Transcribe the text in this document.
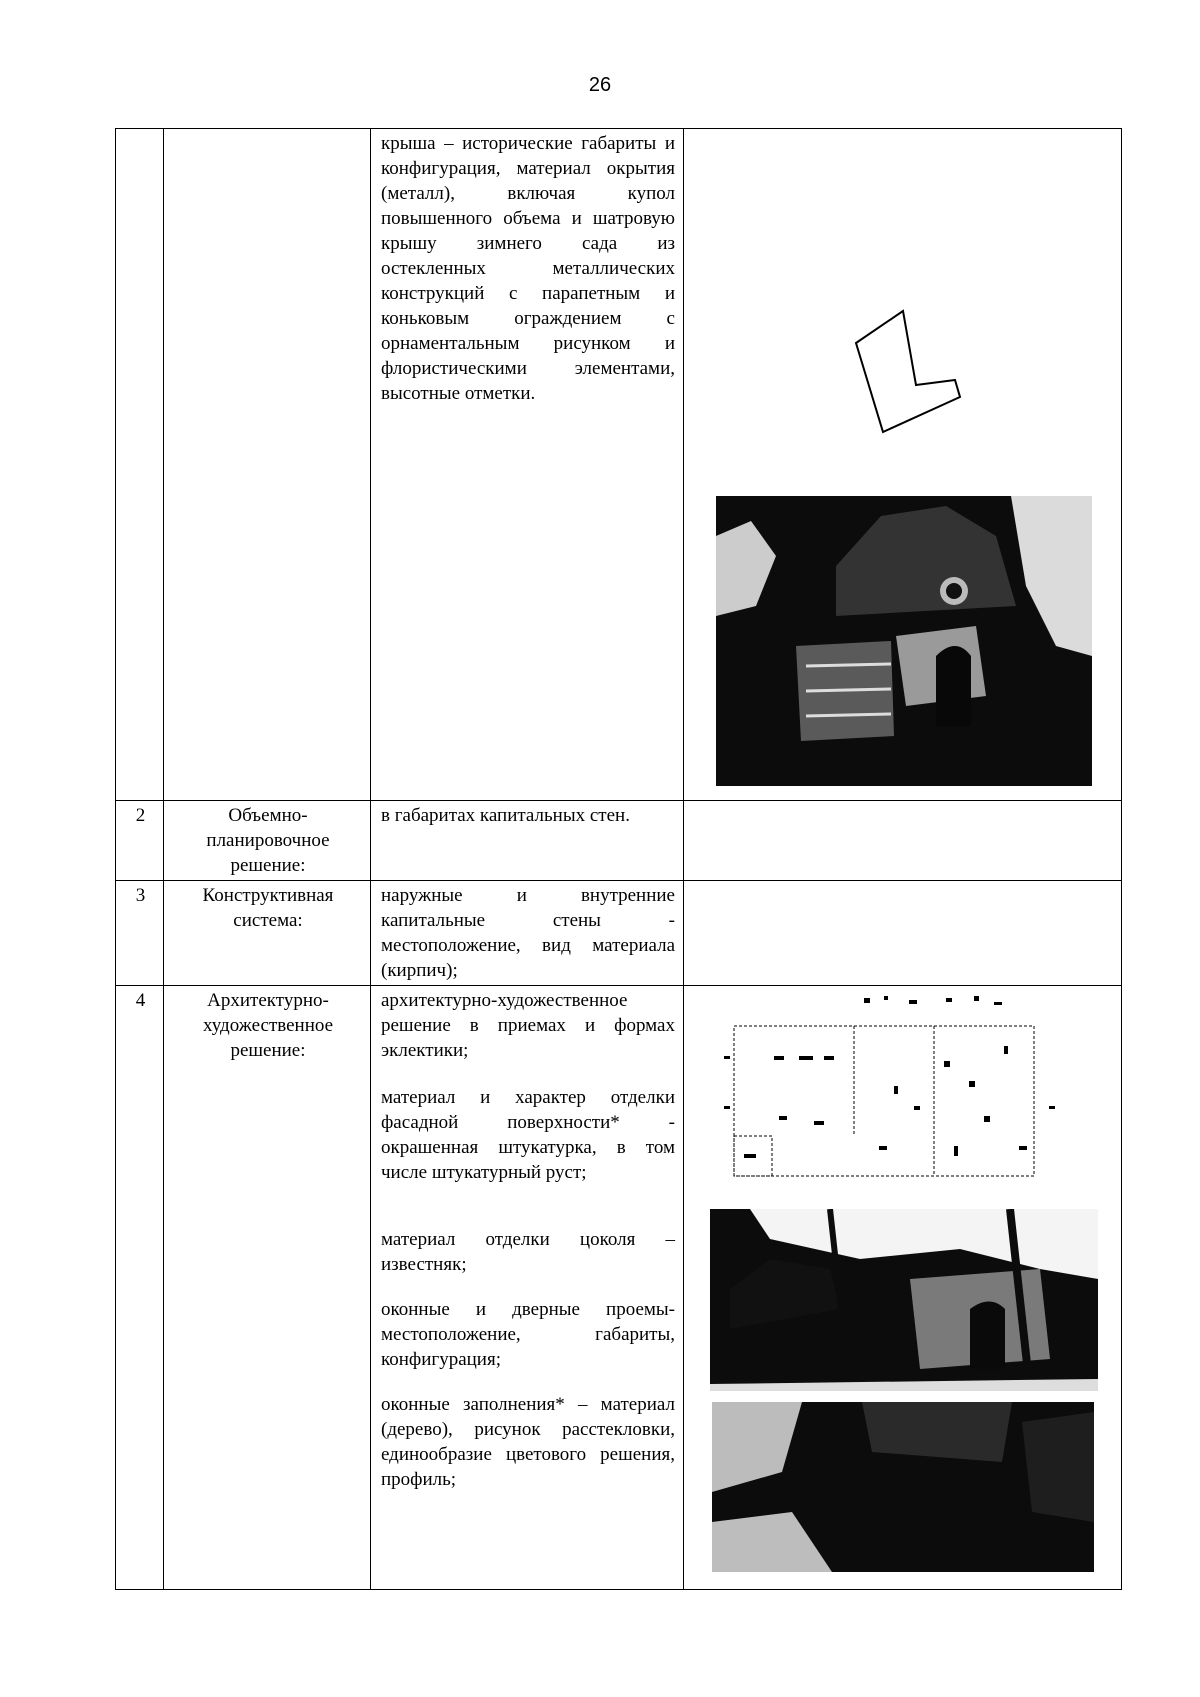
26

		крыша – исторические габариты и конфигурация, материал окрытия (металл), включая купол повышенного объема и шатровую крышу зимнего сада из остекленных металлических конструкций с парапетным и коньковым ограждением с орнаментальным рисунком и флористическими элементами, высотные отметки.

2	Объемно-планировочное решение:	в габаритах капитальных стен.	

3	Конструктивная система:	наружные и внутренние капитальные стены - местоположение, вид материала (кирпич);	

4	Архитектурно-художественное решение:	архитектурно-художественное решение в приемах и формах эклектики;

материал и характер отделки фасадной поверхности* - окрашенная штукатурка, в том числе штукатурный руст;

материал отделки цоколя – известняк;

оконные и дверные проемы- местоположение, габариты, конфигурация;

оконные заполнения* – материал (дерево), рисунок расстекловки, единообразие цветового решения, профиль;
